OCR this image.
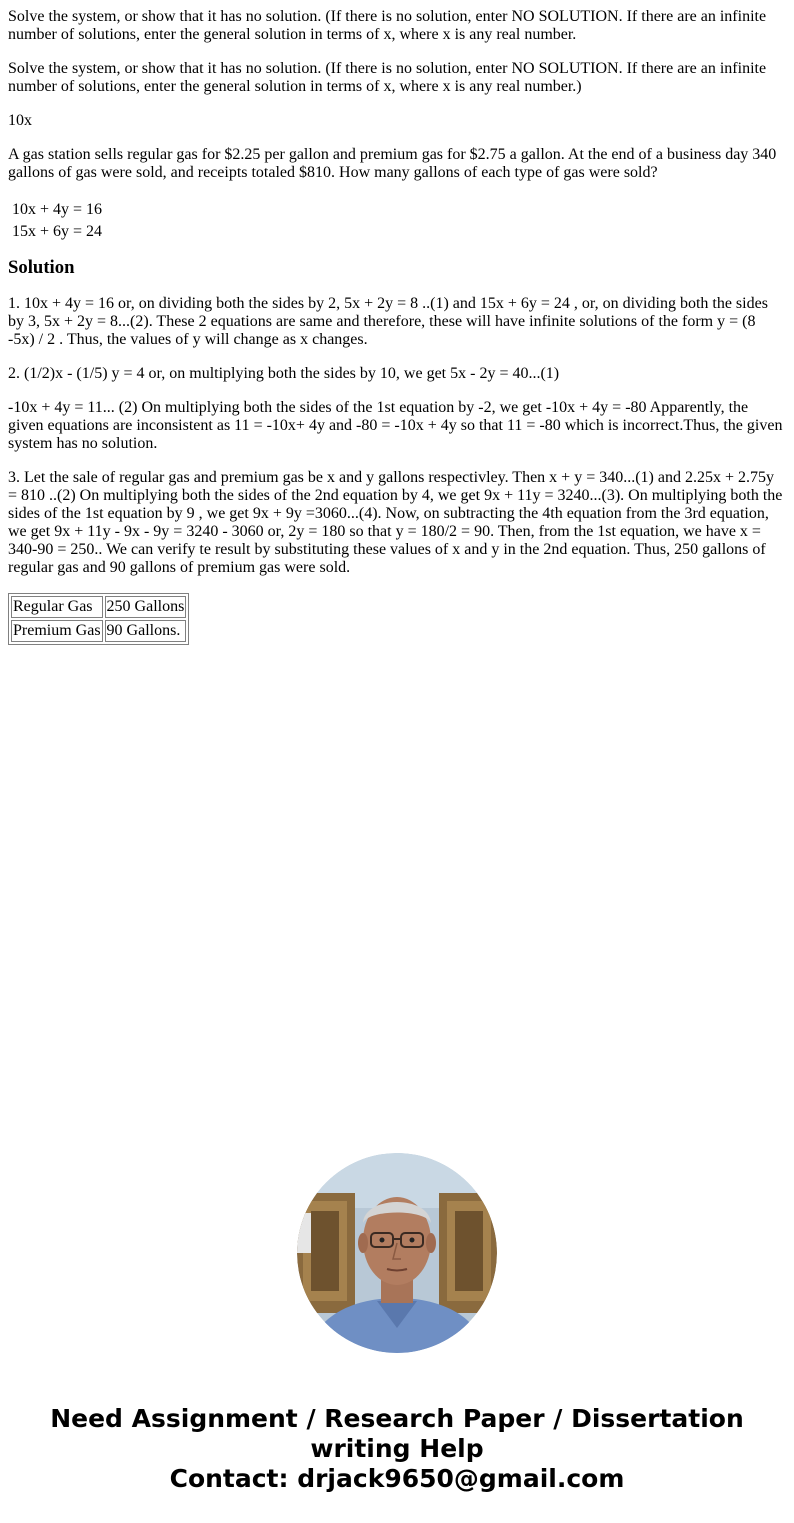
Solve the system, or show that it has no solution. (If there is no solution, enter NO SOLUTION. If there are an infinite number of solutions, enter the general solution in terms of x, where x is any real number.

Solve the system, or show that it has no solution. (If there is no solution, enter NO SOLUTION. If there are an infinite number of solutions, enter the general solution in terms of x, where x is any real number.)

10x

A gas station sells regular gas for $2.25 per gallon and premium gas for $2.75 a gallon. At the end of a business day 340 gallons of gas were sold, and receipts totaled $810. How many gallons of each type of gas were sold?

10x + 4y = 16
15x + 6y = 24
Solution

1. 10x + 4y = 16 or, on dividing both the sides by 2, 5x + 2y = 8 ..(1) and 15x + 6y = 24 , or, on dividing both the sides by 3, 5x + 2y = 8...(2). These 2 equations are same and therefore, these will have infinite solutions of the form y = (8 -5x) / 2 . Thus, the values of y will change as x changes.

2. (1/2)x - (1/5) y = 4 or, on multiplying both the sides by 10, we get 5x - 2y = 40...(1)

-10x + 4y = 11... (2) On multiplying both the sides of the 1st equation by -2, we get -10x + 4y = -80 Apparently, the given equations are inconsistent as 11 = -10x+ 4y and -80 = -10x + 4y so that 11 = -80 which is incorrect.Thus, the given system has no solution.

3. Let the sale of regular gas and premium gas be x and y gallons respectivley. Then x + y = 340...(1) and 2.25x + 2.75y = 810 ..(2) On multiplying both the sides of the 2nd equation by 4, we get 9x + 11y = 3240...(3). On multiplying both the sides of the 1st equation by 9 , we get 9x + 9y =3060...(4). Now, on subtracting the 4th equation from the 3rd equation, we get 9x + 11y - 9x - 9y = 3240 - 3060 or, 2y = 180 so that y = 180/2 = 90. Then, from the 1st equation, we have x = 340-90 = 250.. We can verify te result by substituting these values of x and y in the 2nd equation. Thus, 250 gallons of regular gas and 90 gallons of premium gas were sold.

Regular Gas	250 Gallons
Premium Gas	90 Gallons.
Need Assignment / Research Paper / Dissertation
writing Help
Contact: drjack9650@gmail.com
